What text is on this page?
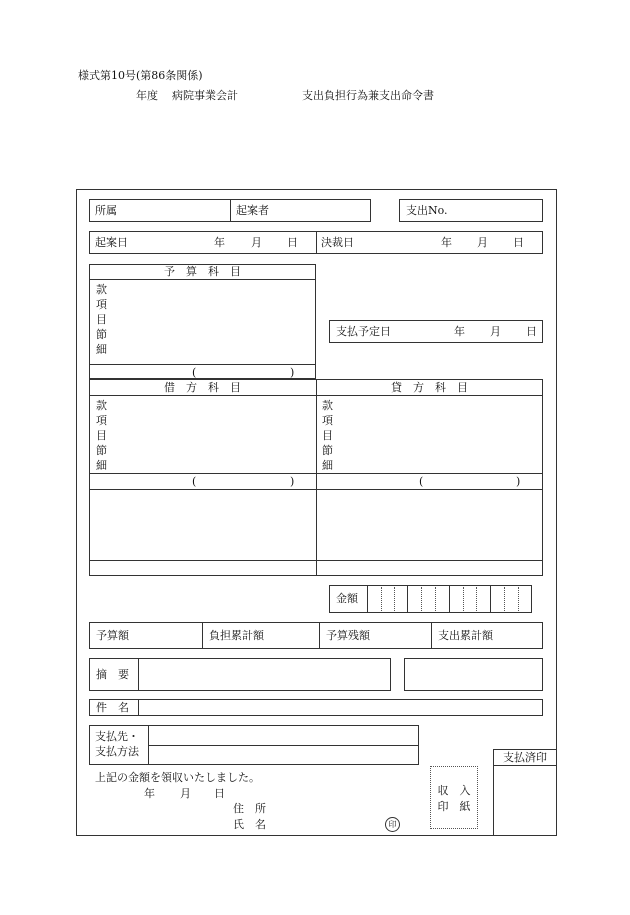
様式第10号(第86条関係)
年度 病院事業会計	支出負担行為兼支出命令書
所属	起案者	支出No.
起案日	年 月 日 決裁日	年 月 日
予　算　科　目
款
項
目
節
細
(	)
支払予定日	年 月 日
借　方　科　目
款
項
目
節
細
(	)
貸　方　科　目
款
項
目
節
細
(	)
金額
予算額	負担累計額	予算残額	支出累計額
摘　要
件　名
支払先・
支払方法	支払済印
上記の金額を領収いたしました。
年 月 日
住　所
氏　名	印
収　入
印　紙
